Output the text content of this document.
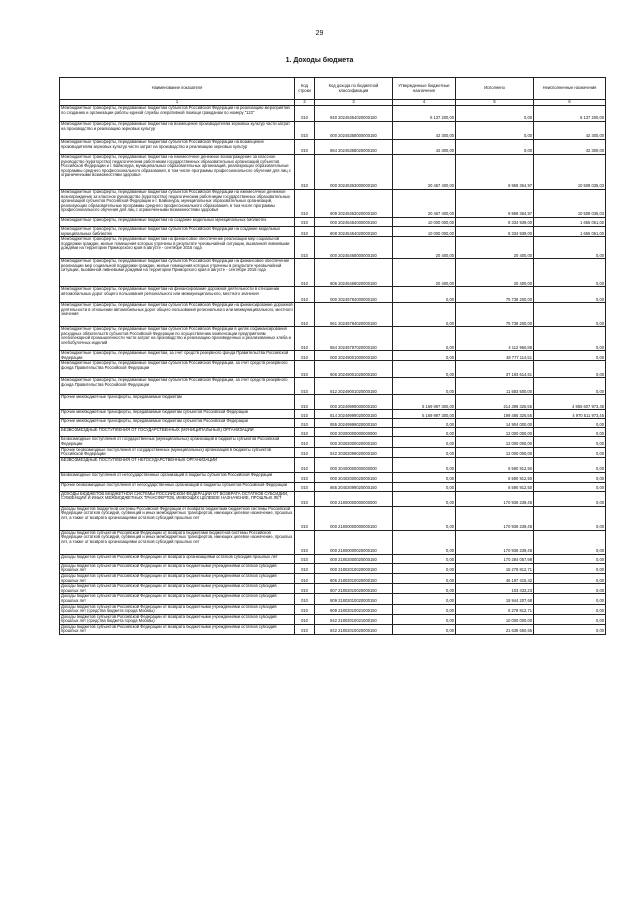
29
1. Доходы бюджета
Наименование показателя	Код строки	Код дохода по бюджетной классификации	Утвержденные бюджетные назначения	Исполнено	Неисполненные назначения
1	2	3	4	5	6
Межбюджетные трансферты, передаваемые бюджетам субъектов Российской Федерации на реализацию мероприятий по созданию и организации работы единой службы оперативной помощи гражданам по номеру "122"	010	840 20245354020000150	6 137 200,00	0,00	6 137 200,00
Межбюджетные трансферты, передаваемые бюджетам на возмещение производителям зерновых культур части затрат на производство и реализацию зерновых культур	010	000 20245358000000150	42 300,00	0,00	42 300,00
Межбюджетные трансферты, передаваемые бюджетам субъектов Российской Федерации на возмещение производителям зерновых культур части затрат на производство и реализацию зерновых культур	010	864 20245358020000150	42 300,00	0,00	42 300,00
Межбюджетные трансферты, передаваемые бюджетам на ежемесячное денежное вознаграждение за классное руководство (кураторство) педагогическим работникам государственных образовательных организаций субъектов Российской Федерации и г. Байконура, муниципальных образовательных организаций, реализующих образовательные программы среднего профессионального образования, в том числе программы профессионального обучения для лиц с ограниченными возможностями здоровья	010	000 20245363000000150	20 467 400,00	9 959 364,97	10 508 035,03
Межбюджетные трансферты, передаваемые бюджетам субъектов Российской Федерации на ежемесячное денежное вознаграждение за классное руководство (кураторство) педагогическим работникам государственных образовательных организаций субъектов Российской Федерации и г. Байконура, муниципальных образовательных организаций, реализующих образовательные программы среднего профессионального образования, в том числе программы профессионального обучения для лиц с ограниченными возможностями здоровья	010	809 20245363020000150	20 467 400,00	9 959 364,97	10 508 035,03
Межбюджетные трансферты, передаваемые бюджетам на создание модельных муниципальных библиотек	010	000 20245454000000150	10 000 000,00	8 334 939,00	1 665 061,00
Межбюджетные трансферты, передаваемые бюджетам субъектов Российской Федерации на создание модельных муниципальных библиотек	010	808 20245454020000150	10 000 000,00	8 334 939,00	1 665 061,00
Межбюджетные трансферты, передаваемые бюджетам на финансовое обеспечение реализации мер социальной поддержки граждан, жилые помещения которых утрачены в результате чрезвычайной ситуации, вызванной ливневыми дождями на территории Приморского края в августе - сентябре 2016 года	010	000 20245468000000150	20 400,00	20 400,00	0,00
Межбюджетные трансферты, передаваемые бюджетам субъектов Российской Федерации на финансовое обеспечение реализации мер социальной поддержки граждан, жилые помещения которых утрачены в результате чрезвычайной ситуации, вызванной ливневыми дождями на территории Приморского края в августе - сентябре 2016 года	010	806 20245468020000150	20 400,00	20 400,00	0,00
Межбюджетные трансферты, передаваемые бюджетам на финансирование дорожной деятельности в отношении автомобильных дорог общего пользования регионального или межмуниципального, местного значения	010	000 20245784000000150	0,00	75 738 200,00	0,00
Межбюджетные трансферты, передаваемые бюджетам субъектов Российской Федерации на финансирование дорожной деятельности в отношении автомобильных дорог общего пользования регионального или межмуниципального, местного значения	010	861 20245784020000150	0,00	75 738 200,00	0,00
Межбюджетные трансферты, передаваемые бюджетам субъектов Российской Федерации в целях софинансирования расходных обязательств субъектов Российской Федерации по осуществлению компенсации предприятиям хлебопекарной промышленности части затрат на производство и реализацию произведенных и реализованных хлеба и хлебобулочных изделий	010	864 20245787020000150	0,00	4 112 960,88	0,00
Межбюджетные трансферты, передаваемые бюджетам, за счет средств резервного фонда Правительства Российской Федерации	010	000 20249001000000150	0,00	48 777 114,51	0,00
Межбюджетные трансферты, передаваемые бюджетам субъектов Российской Федерации, за счет средств резервного фонда Правительства Российской Федерации	010	806 20249001020000150	0,00	37 193 614,61	0,00
Межбюджетные трансферты, передаваемые бюджетам субъектов Российской Федерации, за счет средств резервного фонда Правительства Российской Федерации	010	812 20249001020000150	0,00	11 583 500,00	0,00
Прочие межбюджетные трансферты, передаваемые бюджетам	010	000 20249999000000150	5 169 997 300,00	214 399 326,55	4 955 607 973,45
Прочие межбюджетные трансферты, передаваемые бюджетам субъектов Российской Федерации	010	814 20249999020000150	5 169 997 300,00	199 485 326,55	4 970 511 973,45
Прочие межбюджетные трансферты, передаваемые бюджетам субъектов Российской Федерации	010	855 20249999020000150	0,00	14 904 000,00	0,00
БЕЗВОЗМЕЗДНЫЕ ПОСТУПЛЕНИЯ ОТ ГОСУДАРСТВЕННЫХ (МУНИЦИПАЛЬНЫХ) ОРГАНИЗАЦИЙ	010	000 20300000000000000	0,00	12 000 000,00	0,00
Безвозмездные поступления от государственных (муниципальных) организаций в бюджеты субъектов Российской Федерации	010	000 20302000020000150	0,00	12 000 000,00	0,00
Прочие безвозмездные поступления от государственных (муниципальных) организаций в бюджеты субъектов Российской Федерации	010	842 20302099020000150	0,00	12 000 000,00	0,00
БЕЗВОЗМЕЗДНЫЕ ПОСТУПЛЕНИЯ ОТ НЕГОСУДАРСТВЕННЫХ ОРГАНИЗАЦИЙ	010	000 20400000000000000	0,00	6 590 912,50	0,00
Безвозмездные поступления от негосударственных организаций в бюджеты субъектов Российской Федерации	010	000 20402000020000150	0,00	6 590 912,50	0,00
Прочие безвозмездные поступления от негосударственных организаций в бюджеты субъектов Российской Федерации	010	865 20402099020000150	0,00	6 590 912,50	0,00
ДОХОДЫ БЮДЖЕТОВ БЮДЖЕТНОЙ СИСТЕМЫ РОССИЙСКОЙ ФЕДЕРАЦИИ ОТ ВОЗВРАТА ОСТАТКОВ СУБСИДИЙ, СУБВЕНЦИЙ И ИНЫХ МЕЖБЮДЖЕТНЫХ ТРАНСФЕРТОВ, ИМЕЮЩИХ ЦЕЛЕВОЕ НАЗНАЧЕНИЕ, ПРОШЛЫХ ЛЕТ	010	000 21800000000000000	0,00	170 936 239,48	0,00
Доходы бюджетов бюджетной системы Российской Федерации от возврата бюджетами бюджетной системы Российской Федерации остатков субсидий, субвенций и иных межбюджетных трансфертов, имеющих целевое назначение, прошлых лет, а также от возврата организациями остатков субсидий прошлых лет	010	000 21800000000000150	0,00	170 936 239,48	0,00
Доходы бюджетов субъектов Российской Федерации от возврата бюджетами бюджетной системы Российской Федерации остатков субсидий, субвенций и иных межбюджетных трансфертов, имеющих целевое назначение, прошлых лет, а также от возврата организациями остатков субсидий прошлых лет	010	000 21800000020000150	0,00	170 936 239,48	0,00
Доходы бюджетов субъектов Российской Федерации от возврата организациями остатков субсидий прошлых лет	010	000 21802000020000150	0,00	170 284 057,98	0,00
Доходы бюджетов субъектов Российской Федерации от возврата бюджетными учреждениями остатков субсидий прошлых лет	010	000 21802010020000150	0,00	15 278 812,71	0,00
Доходы бюджетов субъектов Российской Федерации от возврата бюджетными учреждениями остатков субсидий прошлых лет	010	806 21802010020000150	0,00	46 197 415,42	0,00
Доходы бюджетов субъектов Российской Федерации от возврата бюджетными учреждениями остатков субсидий прошлых лет	010	807 21802010020000150	0,00	103 433,23	0,00
Доходы бюджетов субъектов Российской Федерации от возврата бюджетными учреждениями остатков субсидий прошлых лет	010	809 21802010020000150	0,00	15 944 207,68	0,00
Доходы бюджетов субъектов Российской Федерации от возврата бюджетными учреждениями остатков субсидий прошлых лет (средства бюджета города Москвы)	010	809 21802010021000150	0,00	5 278 812,71	0,00
Доходы бюджетов субъектов Российской Федерации от возврата бюджетными учреждениями остатков субсидий прошлых лет (средства бюджета города Москвы)	010	842 21802010021000150	0,00	10 000 000,00	0,00
Доходы бюджетов субъектов Российской Федерации от возврата бюджетными учреждениями остатков субсидий прошлых лет	010	842 21802010020000150	0,00	21 638 650,65	0,00
